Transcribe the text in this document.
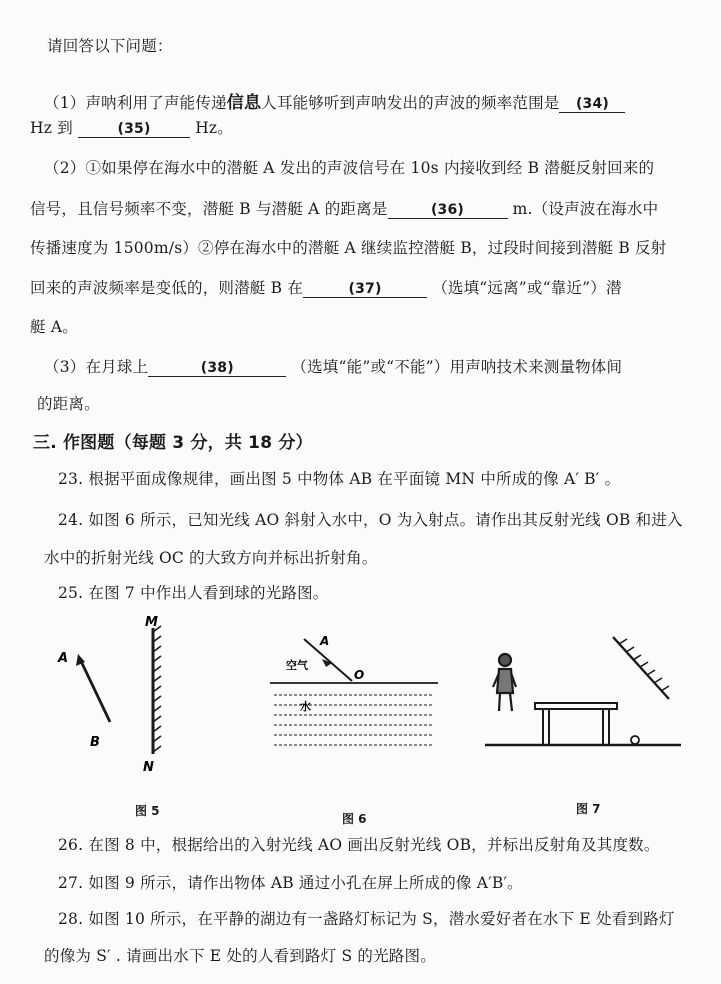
请回答以下问题：
（1）声呐利用了声能传递信息人耳能够听到声呐发出的声波的频率范围是 (34)
Hz 到	(35)	Hz。
（2）①如果停在海水中的潜艇 A 发出的声波信号在 10s 内接收到经 B 潜艇反射回来的
信号，且信号频率不变，潜艇 B 与潜艇 A 的距离是	(36)	m.（设声波在海水中
传播速度为 1500m/s）②停在海水中的潜艇 A 继续监控潜艇 B，过段时间接到潜艇 B 反射
回来的声波频率是变低的，则潜艇 B 在	(37)	（选填“远离”或“靠近”）潜
艇 A。
（3）在月球上	(38)	（选填“能”或“不能”）用声呐技术来测量物体间
的距离。
三. 作图题（每题 3 分，共 18 分）
23. 根据平面成像规律，画出图 5 中物体 AB 在平面镜 MN 中所成的像 A′ B′ 。
24. 如图 6 所示，已知光线 AO 斜射入水中，O 为入射点。请作出其反射光线 OB 和进入
水中的折射光线 OC 的大致方向并标出折射角。
25. 在图 7 中作出人看到球的光路图。
M
N
A
B
图 5
A
O
空气
水
图 6
图 7
26. 在图 8 中，根据给出的入射光线 AO 画出反射光线 OB，并标出反射角及其度数。
27. 如图 9 所示，请作出物体 AB 通过小孔在屏上所成的像 A′B′。
28. 如图 10 所示，在平静的湖边有一盏路灯标记为 S，潜水爱好者在水下 E 处看到路灯
的像为 S′ . 请画出水下 E 处的人看到路灯 S 的光路图。
